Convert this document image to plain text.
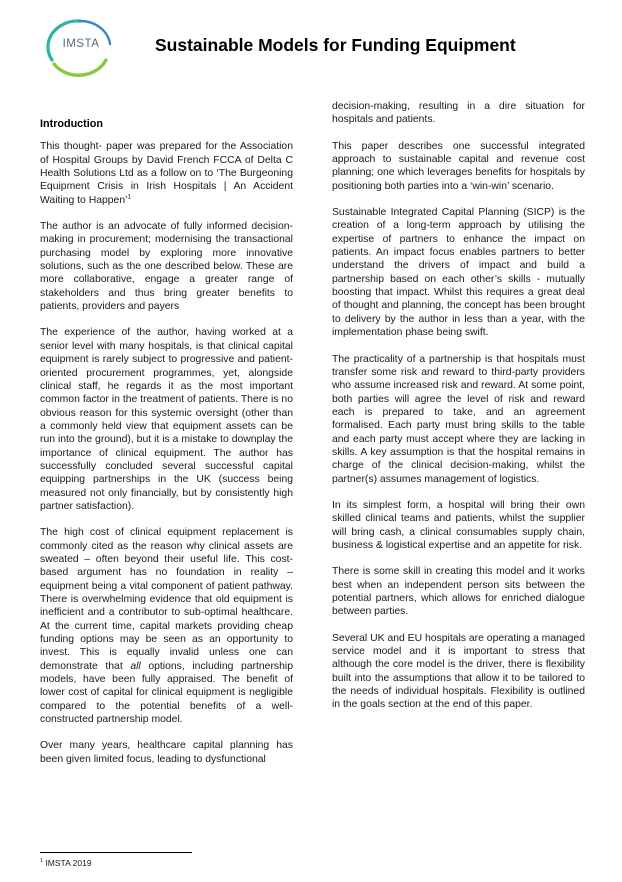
IMSTA	Sustainable Models for Funding Equipment
Introduction

This thought- paper was prepared for the Association of Hospital Groups by David French FCCA of Delta C Health Solutions Ltd as a follow on to ‘The Burgeoning Equipment Crisis in Irish Hospitals | An Accident Waiting to Happen’$^1$

The author is an advocate of fully informed decision-making in procurement; modernising the transactional purchasing model by exploring more innovative solutions, such as the one described below. These are more collaborative, engage a greater range of stakeholders and thus bring greater benefits to patients, providers and payers

The experience of the author, having worked at a senior level with many hospitals, is that clinical capital equipment is rarely subject to progressive and patient-oriented procurement programmes, yet, alongside clinical staff, he regards it as the most important common factor in the treatment of patients. There is no obvious reason for this systemic oversight (other than a commonly held view that equipment assets can be run into the ground), but it is a mistake to downplay the importance of clinical equipment. The author has successfully concluded several successful capital equipping partnerships in the UK (success being measured not only financially, but by consistently high partner satisfaction).

The high cost of clinical equipment replacement is commonly cited as the reason why clinical assets are sweated – often beyond their useful life. This cost-based argument has no foundation in reality – equipment being a vital component of patient pathway. There is overwhelming evidence that old equipment is inefficient and a contributor to sub-optimal healthcare. At the current time, capital markets providing cheap funding options may be seen as an opportunity to invest. This is equally invalid unless one can demonstrate that all options, including partnership models, have been fully appraised. The benefit of lower cost of capital for clinical equipment is negligible compared to the potential benefits of a well-constructed partnership model.

Over many years, healthcare capital planning has been given limited focus, leading to dysfunctional

decision-making, resulting in a dire situation for hospitals and patients.

This paper describes one successful integrated approach to sustainable capital and revenue cost planning; one which leverages benefits for hospitals by positioning both parties into a ‘win-win’ scenario.

Sustainable Integrated Capital Planning (SICP) is the creation of a long-term approach by utilising the expertise of partners to enhance the impact on patients. An impact focus enables partners to better understand the drivers of impact and build a partnership based on each other’s skills - mutually boosting that impact. Whilst this requires a great deal of thought and planning, the concept has been brought to delivery by the author in less than a year, with the implementation phase being swift.

The practicality of a partnership is that hospitals must transfer some risk and reward to third-party providers who assume increased risk and reward. At some point, both parties will agree the level of risk and reward each is prepared to take, and an agreement formalised. Each party must bring skills to the table and each party must accept where they are lacking in skills. A key assumption is that the hospital remains in charge of the clinical decision-making, whilst the partner(s) assumes management of logistics.

In its simplest form, a hospital will bring their own skilled clinical teams and patients, whilst the supplier will bring cash, a clinical consumables supply chain, business & logistical expertise and an appetite for risk.

There is some skill in creating this model and it works best when an independent person sits between the potential partners, which allows for enriched dialogue between parties.

Several UK and EU hospitals are operating a managed service model and it is important to stress that although the core model is the driver, there is flexibility built into the assumptions that allow it to be tailored to the needs of individual hospitals. Flexibility is outlined in the goals section at the end of this paper.

$^1$ IMSTA 2019
